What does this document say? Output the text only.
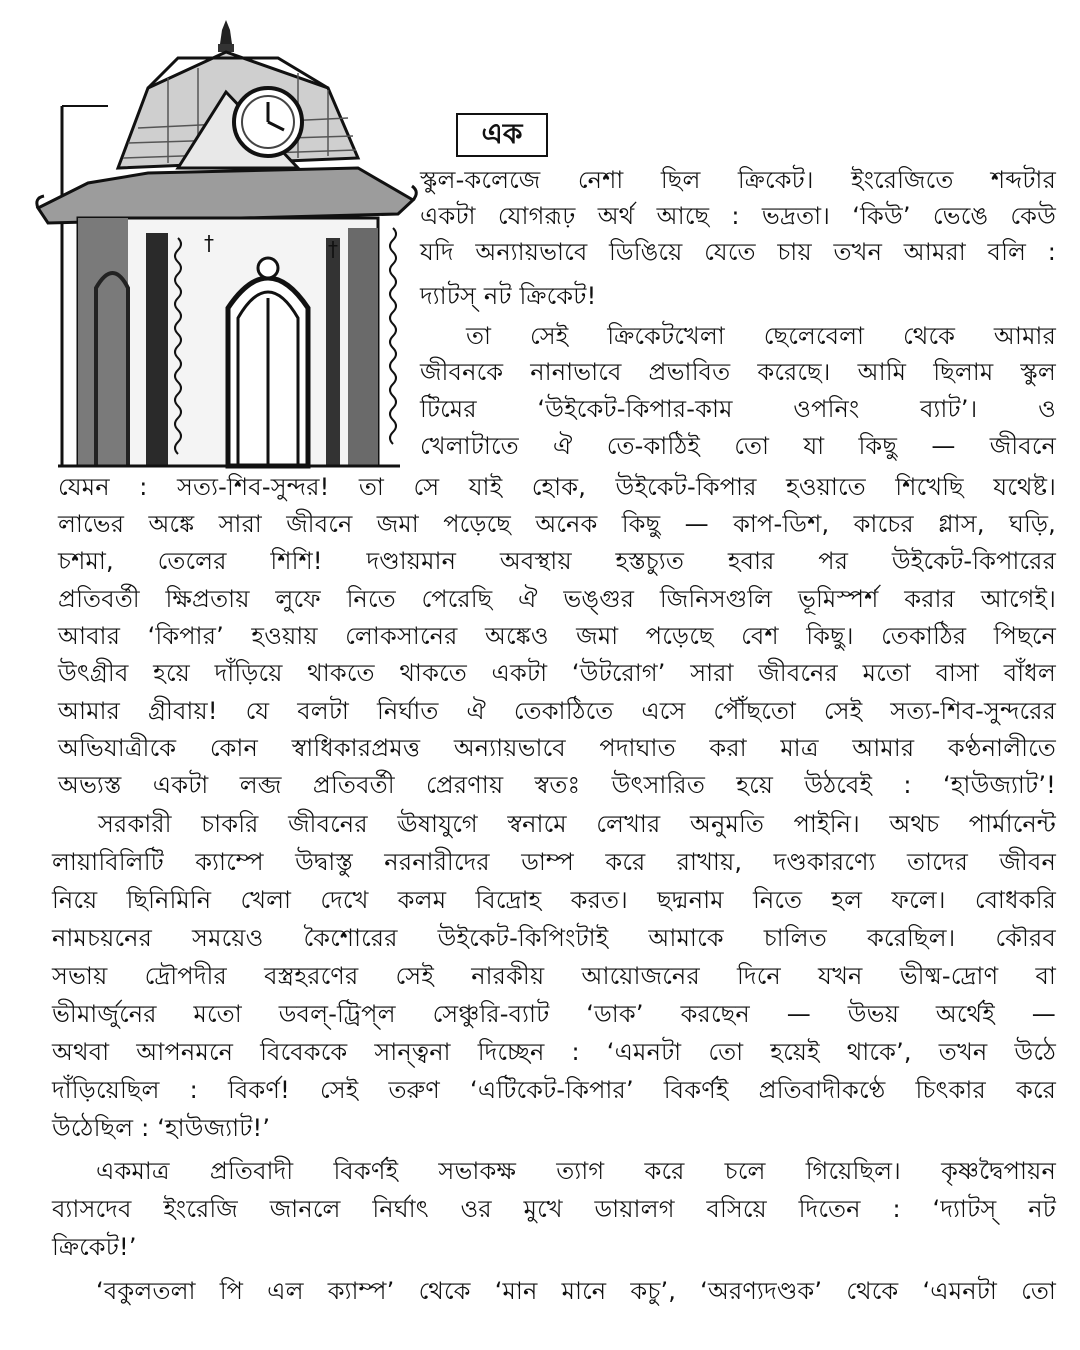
†	†
এক
স্কুল-কলেজে নেশা ছিল ক্রিকেট। ইংরেজিতে শব্দটার
একটা যোগরূঢ় অর্থ আছে : ভদ্রতা। ‘কিউ’ ভেঙে কেউ
যদি অন্যায়ভাবে ডিঙিয়ে যেতে চায় তখন আমরা বলি :
দ্যাটস্ নট ক্রিকেট!
তা সেই ক্রিকেটখেলা ছেলেবেলা থেকে আমার
জীবনকে নানাভাবে প্রভাবিত করেছে। আমি ছিলাম স্কুল
টিমের ‘উইকেট-কিপার-কাম ওপনিং ব্যাট’। ও
খেলাটাতে ঐ তে-কাঠিই তো যা কিছু — জীবনে
যেমন : সত্য-শিব-সুন্দর! তা সে যাই হোক, উইকেট-কিপার হওয়াতে শিখেছি যথেষ্ট।
লাভের অঙ্কে সারা জীবনে জমা পড়েছে অনেক কিছু — কাপ-ডিশ, কাচের গ্লাস, ঘড়ি,
চশমা, তেলের শিশি! দণ্ডায়মান অবস্থায় হস্তচ্যুত হবার পর উইকেট-কিপারের
প্রতিবর্তী ক্ষিপ্রতায় লুফে নিতে পেরেছি ঐ ভঙ্গুর জিনিসগুলি ভূমিস্পর্শ করার আগেই।
আবার ‘কিপার’ হওয়ায় লোকসানের অঙ্কেও জমা পড়েছে বেশ কিছু। তেকাঠির পিছনে
উৎগ্রীব হয়ে দাঁড়িয়ে থাকতে থাকতে একটা ‘উটরোগ’ সারা জীবনের মতো বাসা বাঁধল
আমার গ্রীবায়! যে বলটা নির্ঘাত ঐ তেকাঠিতে এসে পৌঁছতো সেই সত্য-শিব-সুন্দরের
অভিযাত্রীকে কোন স্বাধিকারপ্রমত্ত অন্যায়ভাবে পদাঘাত করা মাত্র আমার কণ্ঠনালীতে
অভ্যস্ত একটা লব্জ প্রতিবর্তী প্রেরণায় স্বতঃ উৎসারিত হয়ে উঠবেই : ‘হাউজ্যাট’!
সরকারী চাকরি জীবনের ঊষাযুগে স্বনামে লেখার অনুমতি পাইনি। অথচ পার্মানেন্ট
লায়াবিলিটি ক্যাম্পে উদ্বাস্তু নরনারীদের ডাম্প করে রাখায়, দণ্ডকারণ্যে তাদের জীবন
নিয়ে ছিনিমিনি খেলা দেখে কলম বিদ্রোহ করত। ছদ্মনাম নিতে হল ফলে। বোধকরি
নামচয়নের সময়েও কৈশোরের উইকেট-কিপিংটাই আমাকে চালিত করেছিল। কৌরব
সভায় দ্রৌপদীর বস্ত্রহরণের সেই নারকীয় আয়োজনের দিনে যখন ভীষ্ম-দ্রোণ বা
ভীমার্জুনের মতো ডবল্-ট্রিপ্‌ল সেঞ্চুরি-ব্যাট ‘ডাক’ করছেন — উভয় অর্থেই —
অথবা আপনমনে বিবেককে সান্ত্বনা দিচ্ছেন : ‘এমনটা তো হয়েই থাকে’, তখন উঠে
দাঁড়িয়েছিল : বিকর্ণ! সেই তরুণ ‘এটিকেট-কিপার’ বিকর্ণই প্রতিবাদীকণ্ঠে চিৎকার করে
উঠেছিল : ‘হাউজ্যাট!’
একমাত্র প্রতিবাদী বিকর্ণই সভাকক্ষ ত্যাগ করে চলে গিয়েছিল। কৃষ্ণদ্বৈপায়ন
ব্যাসদেব ইংরেজি জানলে নির্ঘাৎ ওর মুখে ডায়ালগ বসিয়ে দিতেন : ‘দ্যাটস্ নট
ক্রিকেট!’
‘বকুলতলা পি এল ক্যাম্প’ থেকে ‘মান মানে কচু’, ‘অরণ্যদণ্ডক’ থেকে ‘এমনটা তো
